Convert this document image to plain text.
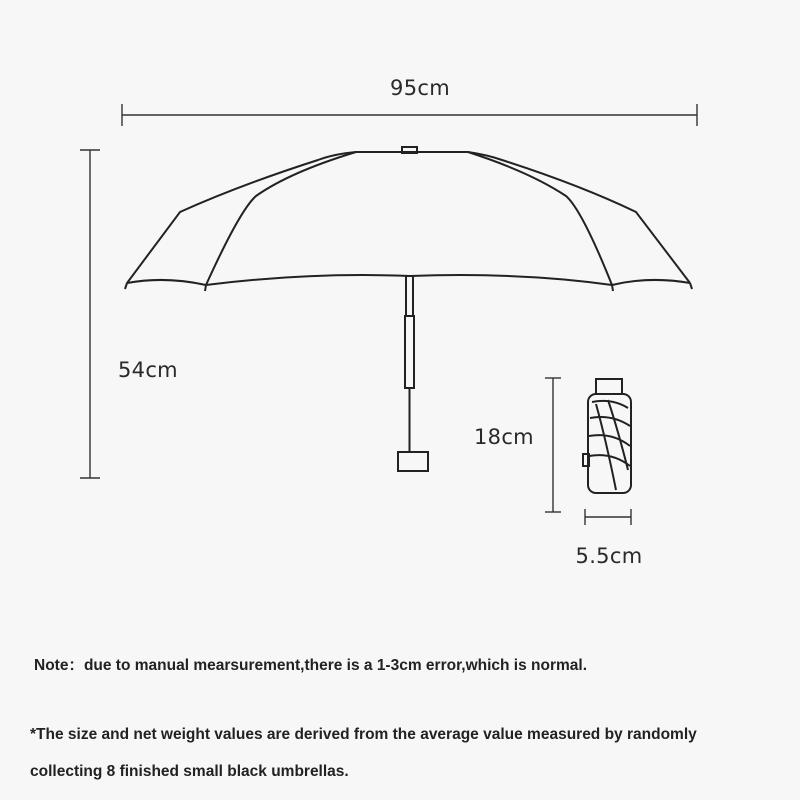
95cm
54cm
18cm
5.5cm
Note：due to manual mearsurement,there is a 1-3cm error,which is normal.
*The size and net weight values are derived from the average value measured by randomly collecting 8 finished small black umbrellas.
